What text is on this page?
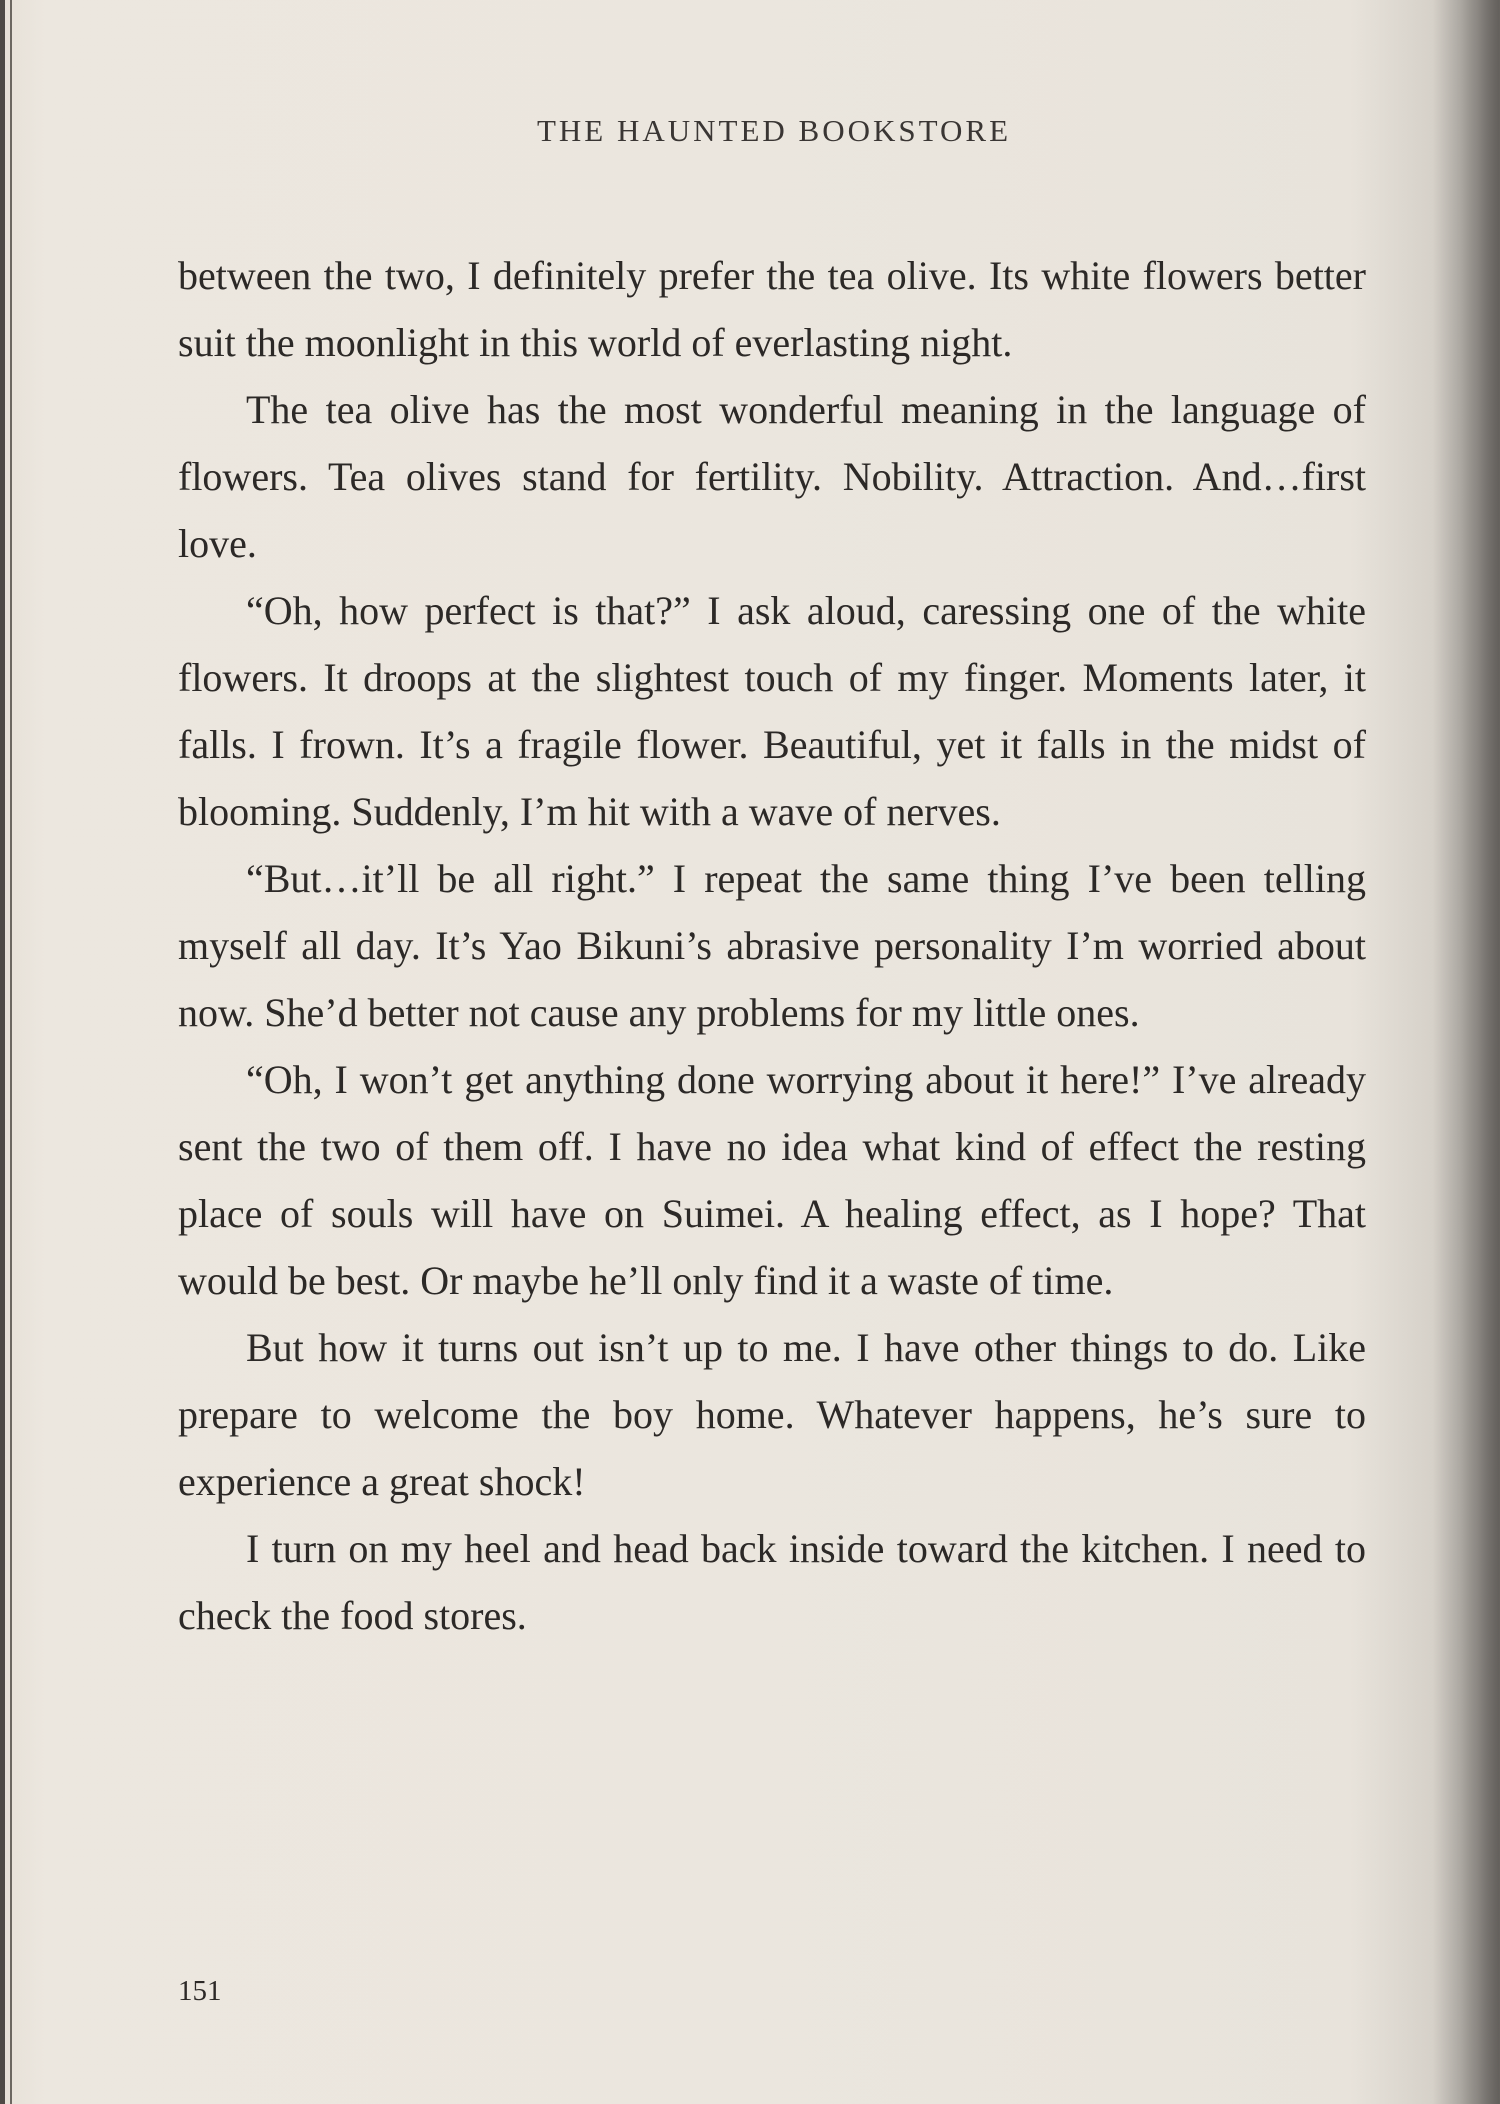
THE HAUNTED BOOKSTORE

between the two, I definitely prefer the tea olive. Its white flowers better suit the moonlight in this world of everlasting night.

The tea olive has the most wonderful meaning in the language of flowers. Tea olives stand for fertility. Nobility. Attraction. And…first love.

“Oh, how perfect is that?” I ask aloud, caressing one of the white flowers. It droops at the slightest touch of my finger. Moments later, it falls. I frown. It’s a fragile flower. Beautiful, yet it falls in the midst of blooming. Suddenly, I’m hit with a wave of nerves.

“But…it’ll be all right.” I repeat the same thing I’ve been telling myself all day. It’s Yao Bikuni’s abrasive personality I’m worried about now. She’d better not cause any problems for my little ones.

“Oh, I won’t get anything done worrying about it here!” I’ve already sent the two of them off. I have no idea what kind of effect the resting place of souls will have on Suimei. A healing effect, as I hope? That would be best. Or maybe he’ll only find it a waste of time.

But how it turns out isn’t up to me. I have other things to do. Like prepare to welcome the boy home. Whatever happens, he’s sure to experience a great shock!

I turn on my heel and head back inside toward the kitchen. I need to check the food stores.

151
